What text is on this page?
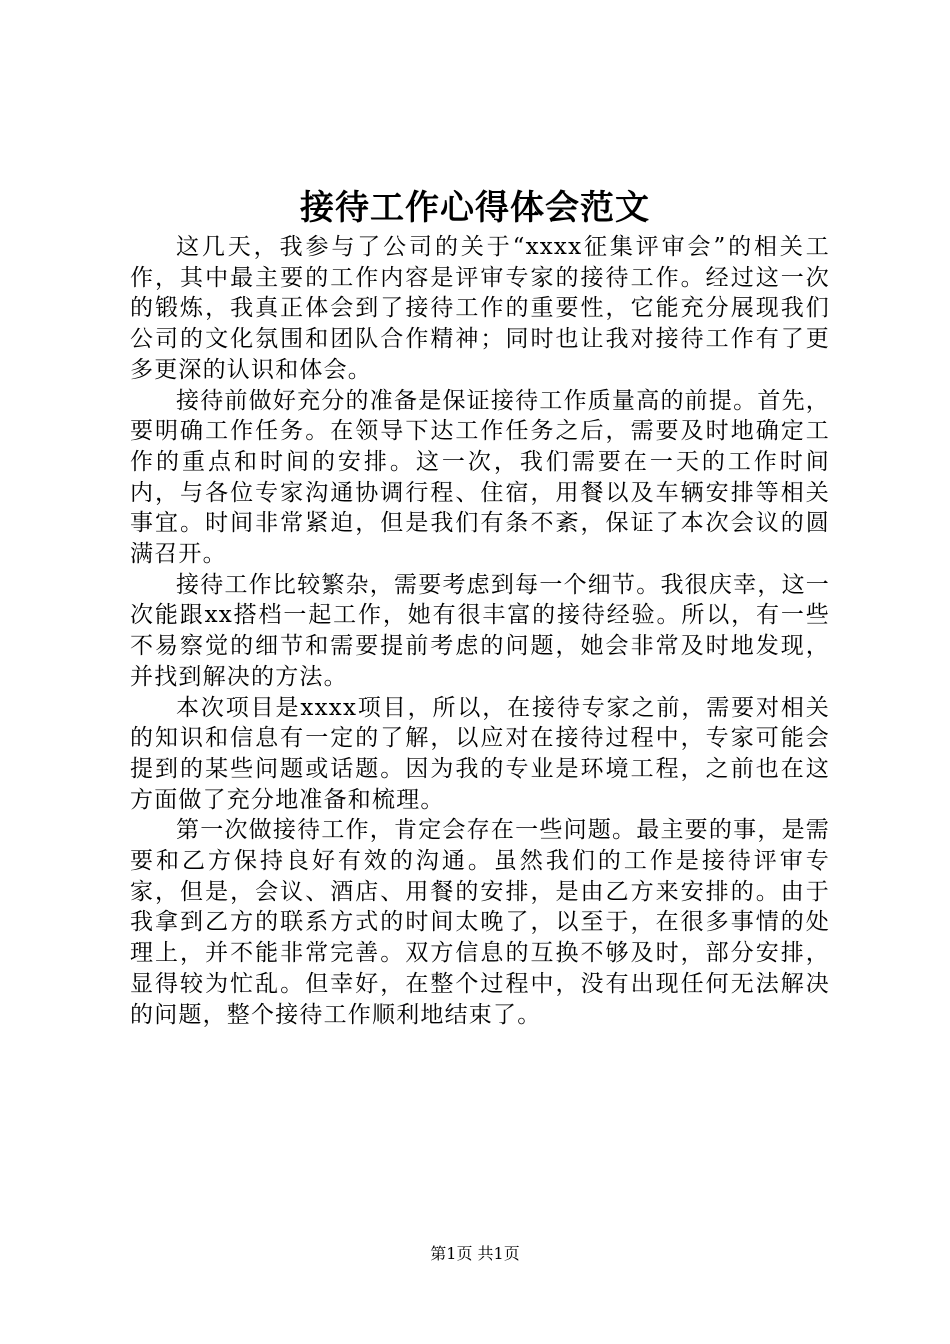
接待工作心得体会范文

这几天，我参与了公司的关于“xxxx征集评审会”的相关工作，其中最主要的工作内容是评审专家的接待工作。经过这一次的锻炼，我真正体会到了接待工作的重要性，它能充分展现我们公司的文化氛围和团队合作精神；同时也让我对接待工作有了更多更深的认识和体会。

接待前做好充分的准备是保证接待工作质量高的前提。首先，要明确工作任务。在领导下达工作任务之后，需要及时地确定工作的重点和时间的安排。这一次，我们需要在一天的工作时间内，与各位专家沟通协调行程、住宿，用餐以及车辆安排等相关事宜。时间非常紧迫，但是我们有条不紊，保证了本次会议的圆满召开。

接待工作比较繁杂，需要考虑到每一个细节。我很庆幸，这一次能跟xx搭档一起工作，她有很丰富的接待经验。所以，有一些不易察觉的细节和需要提前考虑的问题，她会非常及时地发现，并找到解决的方法。

本次项目是xxxx项目，所以，在接待专家之前，需要对相关的知识和信息有一定的了解，以应对在接待过程中，专家可能会提到的某些问题或话题。因为我的专业是环境工程，之前也在这方面做了充分地准备和梳理。

第一次做接待工作，肯定会存在一些问题。最主要的事，是需要和乙方保持良好有效的沟通。虽然我们的工作是接待评审专家，但是，会议、酒店、用餐的安排，是由乙方来安排的。由于我拿到乙方的联系方式的时间太晚了，以至于，在很多事情的处理上，并不能非常完善。双方信息的互换不够及时，部分安排，显得较为忙乱。但幸好，在整个过程中，没有出现任何无法解决的问题，整个接待工作顺利地结束了。

第1页 共1页
